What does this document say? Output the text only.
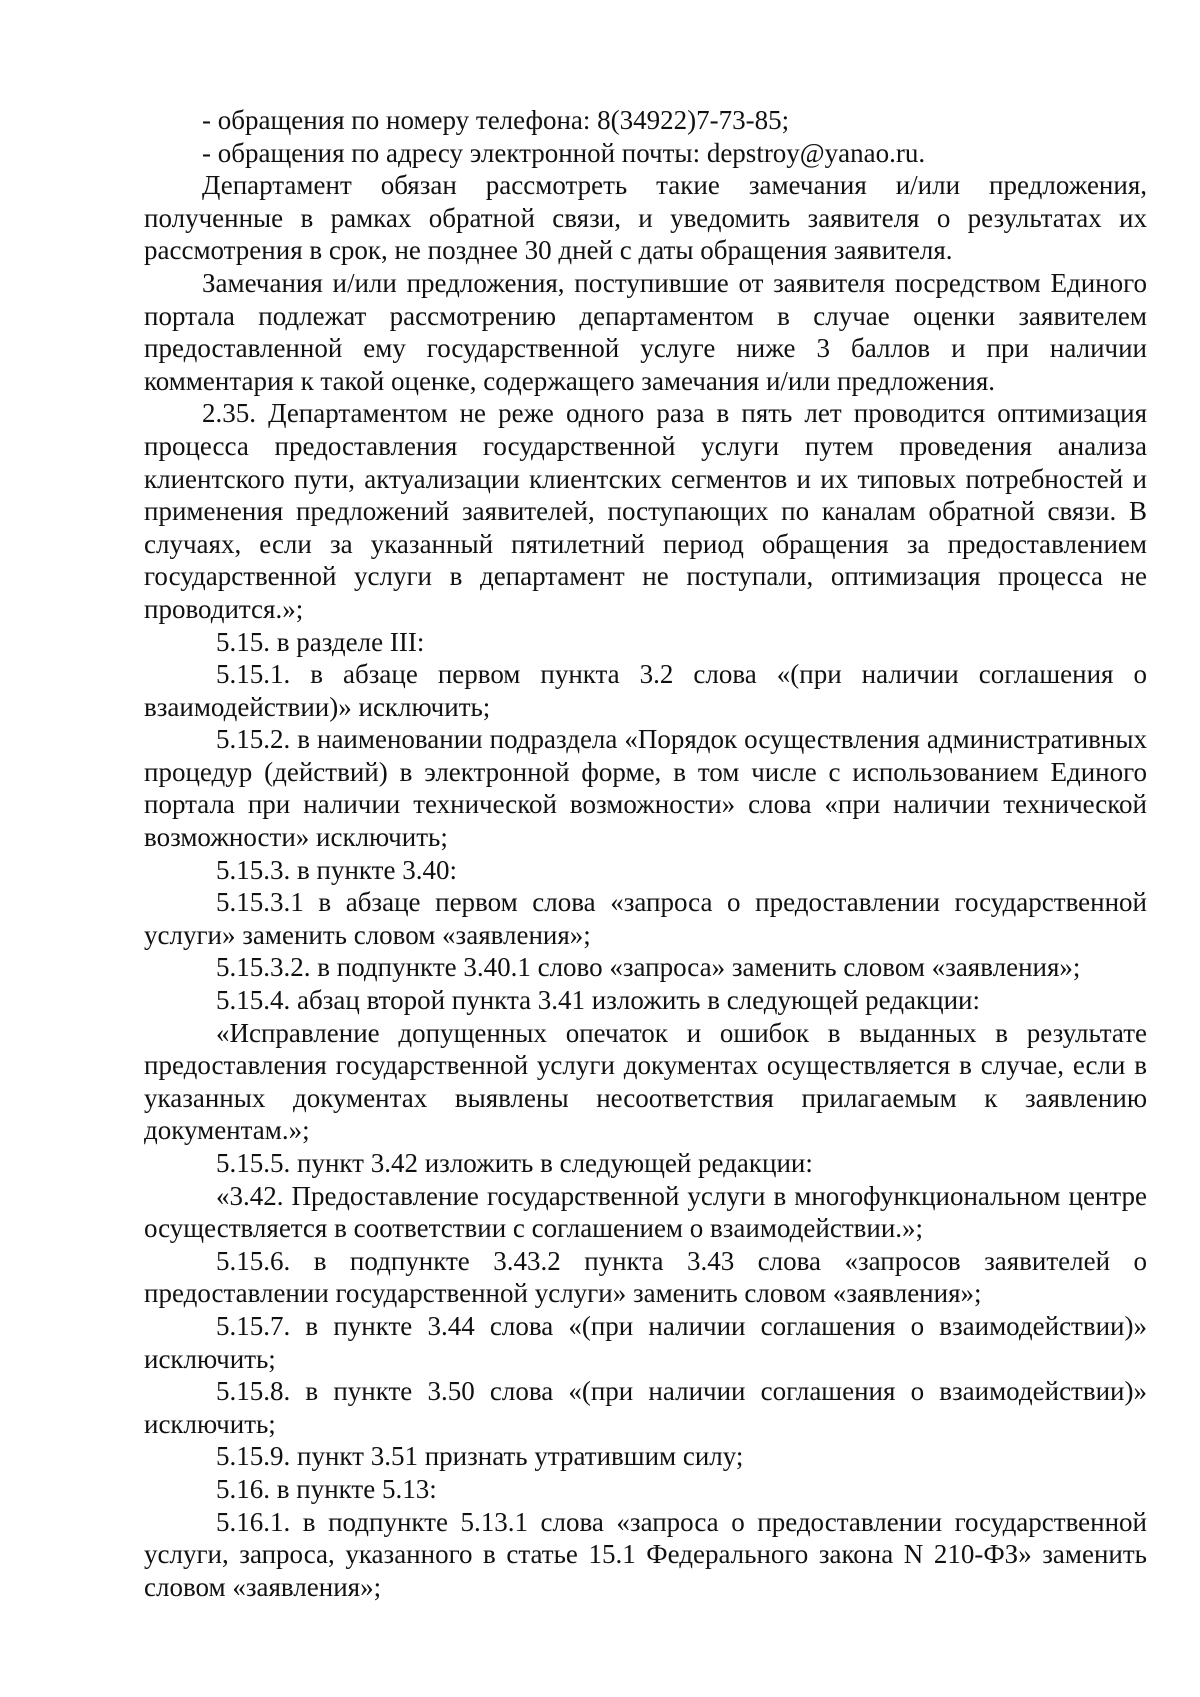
- обращения по номеру телефона: 8(34922)7-73-85;

- обращения по адресу электронной почты: depstroy@yanao.ru.

Департамент обязан рассмотреть такие замечания и/или предложения, полученные в рамках обратной связи, и уведомить заявителя о результатах их рассмотрения в срок, не позднее 30 дней с даты обращения заявителя.

Замечания и/или предложения, поступившие от заявителя посредством Единого портала подлежат рассмотрению департаментом в случае оценки заявителем предоставленной ему государственной услуге ниже 3 баллов и при наличии комментария к такой оценке, содержащего замечания и/или предложения.

2.35. Департаментом не реже одного раза в пять лет проводится оптимизация процесса предоставления государственной услуги путем проведения анализа клиентского пути, актуализации клиентских сегментов и их типовых потребностей и применения предложений заявителей, поступающих по каналам обратной связи. В случаях, если за указанный пятилетний период обращения за предоставлением государственной услуги в департамент не поступали, оптимизация процесса не проводится.»;

5.15. в разделе III:

5.15.1. в абзаце первом пункта 3.2 слова «(при наличии соглашения о взаимодействии)» исключить;

5.15.2. в наименовании подраздела «Порядок осуществления административных процедур (действий) в электронной форме, в том числе с использованием Единого портала при наличии технической возможности» слова «при наличии технической возможности» исключить;

5.15.3. в пункте 3.40:

5.15.3.1 в абзаце первом слова «запроса о предоставлении государственной услуги» заменить словом «заявления»;

5.15.3.2. в подпункте 3.40.1 слово «запроса» заменить словом «заявления»;

5.15.4. абзац второй пункта 3.41 изложить в следующей редакции:

«Исправление допущенных опечаток и ошибок в выданных в результате предоставления государственной услуги документах осуществляется в случае, если в указанных документах выявлены несоответствия прилагаемым к заявлению документам.»;

5.15.5. пункт 3.42 изложить в следующей редакции:

«3.42. Предоставление государственной услуги в многофункциональном центре осуществляется в соответствии с соглашением о взаимодействии.»;

5.15.6. в подпункте 3.43.2 пункта 3.43 слова «запросов заявителей о предоставлении государственной услуги» заменить словом «заявления»;

5.15.7. в пункте 3.44 слова «(при наличии соглашения о взаимодействии)» исключить;

5.15.8. в пункте 3.50 слова «(при наличии соглашения о взаимодействии)» исключить;

5.15.9. пункт 3.51 признать утратившим силу;

5.16. в пункте 5.13:

5.16.1. в подпункте 5.13.1 слова «запроса о предоставлении государственной услуги, запроса, указанного в статье 15.1 Федерального закона N 210-ФЗ» заменить словом «заявления»;
